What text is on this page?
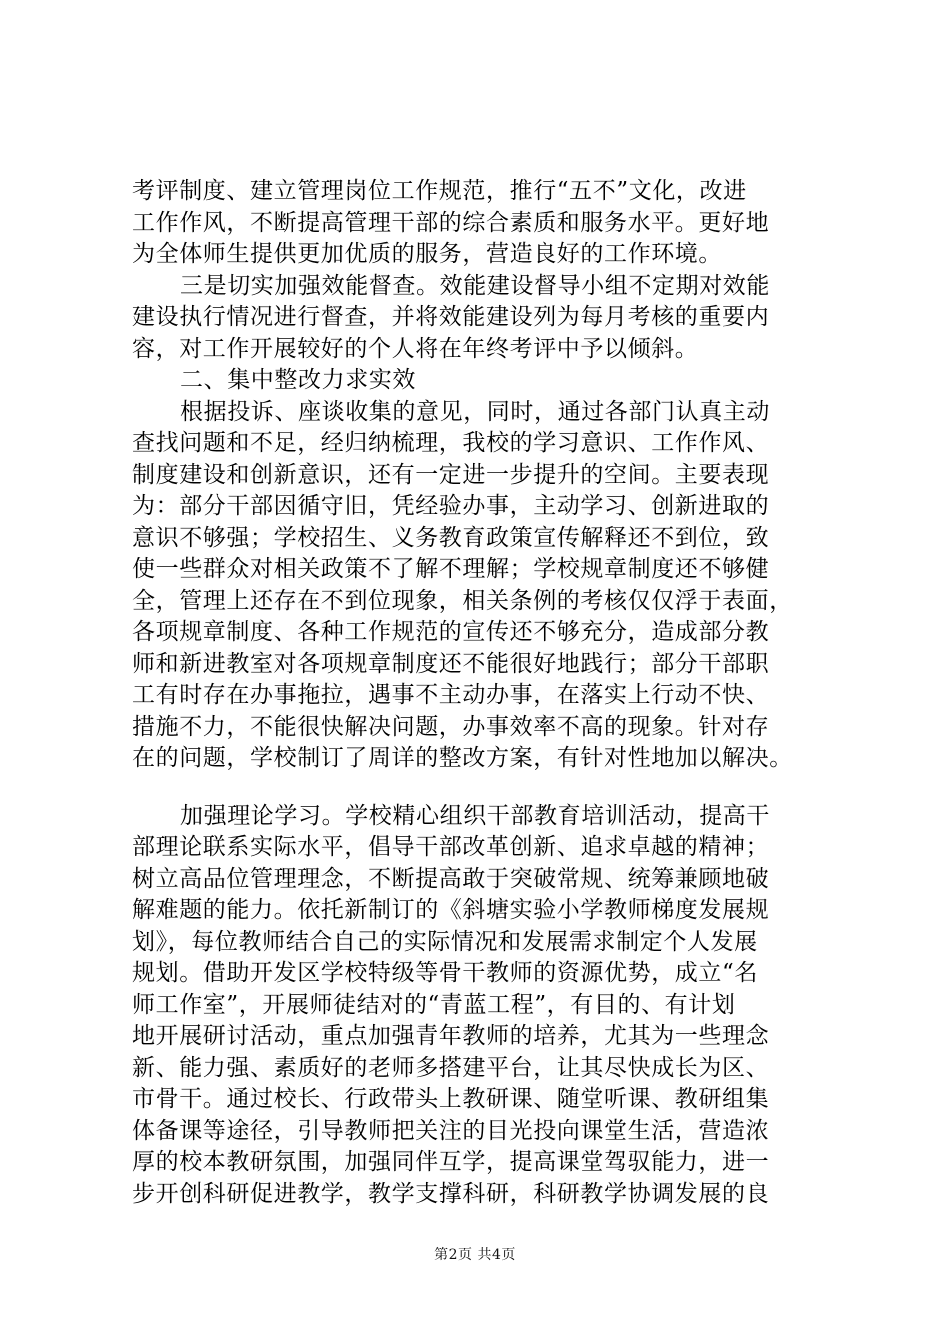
考评制度、建立管理岗位工作规范，推行“五不”文化，改进
工作作风，不断提高管理干部的综合素质和服务水平。更好地
为全体师生提供更加优质的服务，营造良好的工作环境。
三是切实加强效能督查。效能建设督导小组不定期对效能
建设执行情况进行督查，并将效能建设列为每月考核的重要内
容，对工作开展较好的个人将在年终考评中予以倾斜。
二、集中整改力求实效
根据投诉、座谈收集的意见，同时，通过各部门认真主动
查找问题和不足，经归纳梳理，我校的学习意识、工作作风、
制度建设和创新意识，还有一定进一步提升的空间。主要表现
为：部分干部因循守旧，凭经验办事，主动学习、创新进取的
意识不够强；学校招生、义务教育政策宣传解释还不到位，致
使一些群众对相关政策不了解不理解；学校规章制度还不够健
全，管理上还存在不到位现象，相关条例的考核仅仅浮于表面，
各项规章制度、各种工作规范的宣传还不够充分，造成部分教
师和新进教室对各项规章制度还不能很好地践行；部分干部职
工有时存在办事拖拉，遇事不主动办事，在落实上行动不快、
措施不力，不能很快解决问题，办事效率不高的现象。针对存
在的问题，学校制订了周详的整改方案，有针对性地加以解决。
加强理论学习。学校精心组织干部教育培训活动，提高干
部理论联系实际水平，倡导干部改革创新、追求卓越的精神；
树立高品位管理理念，不断提高敢于突破常规、统筹兼顾地破
解难题的能力。依托新制订的《斜塘实验小学教师梯度发展规
划》，每位教师结合自己的实际情况和发展需求制定个人发展
规划。借助开发区学校特级等骨干教师的资源优势，成立“名
师工作室”，开展师徒结对的“青蓝工程”，有目的、有计划
地开展研讨活动，重点加强青年教师的培养，尤其为一些理念
新、能力强、素质好的老师多搭建平台，让其尽快成长为区、
市骨干。通过校长、行政带头上教研课、随堂听课、教研组集
体备课等途径，引导教师把关注的目光投向课堂生活，营造浓
厚的校本教研氛围，加强同伴互学，提高课堂驾驭能力，进一
步开创科研促进教学，教学支撑科研，科研教学协调发展的良
第2页 共4页
